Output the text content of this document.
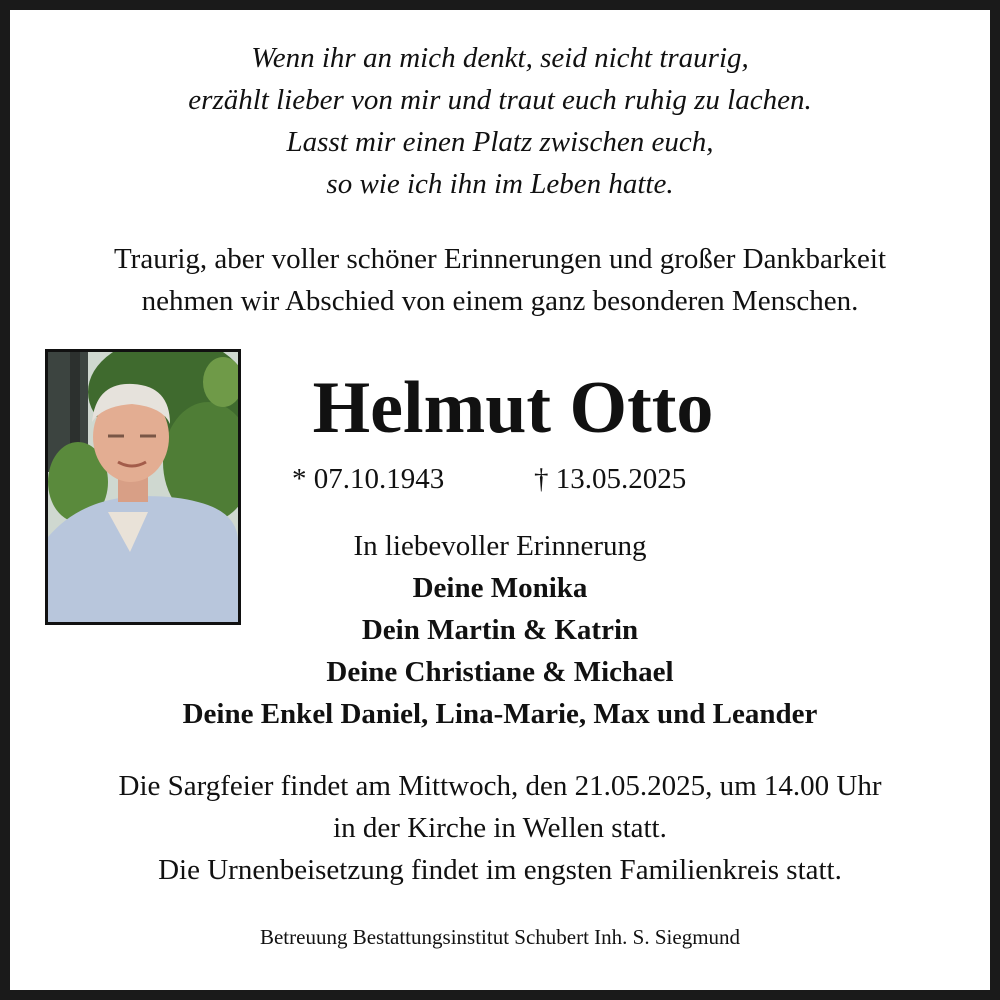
Wenn ihr an mich denkt, seid nicht traurig,
erzählt lieber von mir und traut euch ruhig zu lachen.
Lasst mir einen Platz zwischen euch,
so wie ich ihn im Leben hatte.
Traurig, aber voller schöner Erinnerungen und großer Dankbarkeit
nehmen wir Abschied von einem ganz besonderen Menschen.
Helmut Otto
* 07.10.1943	† 13.05.2025
In liebevoller Erinnerung
Deine Monika
Dein Martin & Katrin
Deine Christiane & Michael
Deine Enkel Daniel, Lina-Marie, Max und Leander
Die Sargfeier findet am Mittwoch, den 21.05.2025, um 14.00 Uhr
in der Kirche in Wellen statt.
Die Urnenbeisetzung findet im engsten Familienkreis statt.
Betreuung Bestattungsinstitut Schubert Inh. S. Siegmund
